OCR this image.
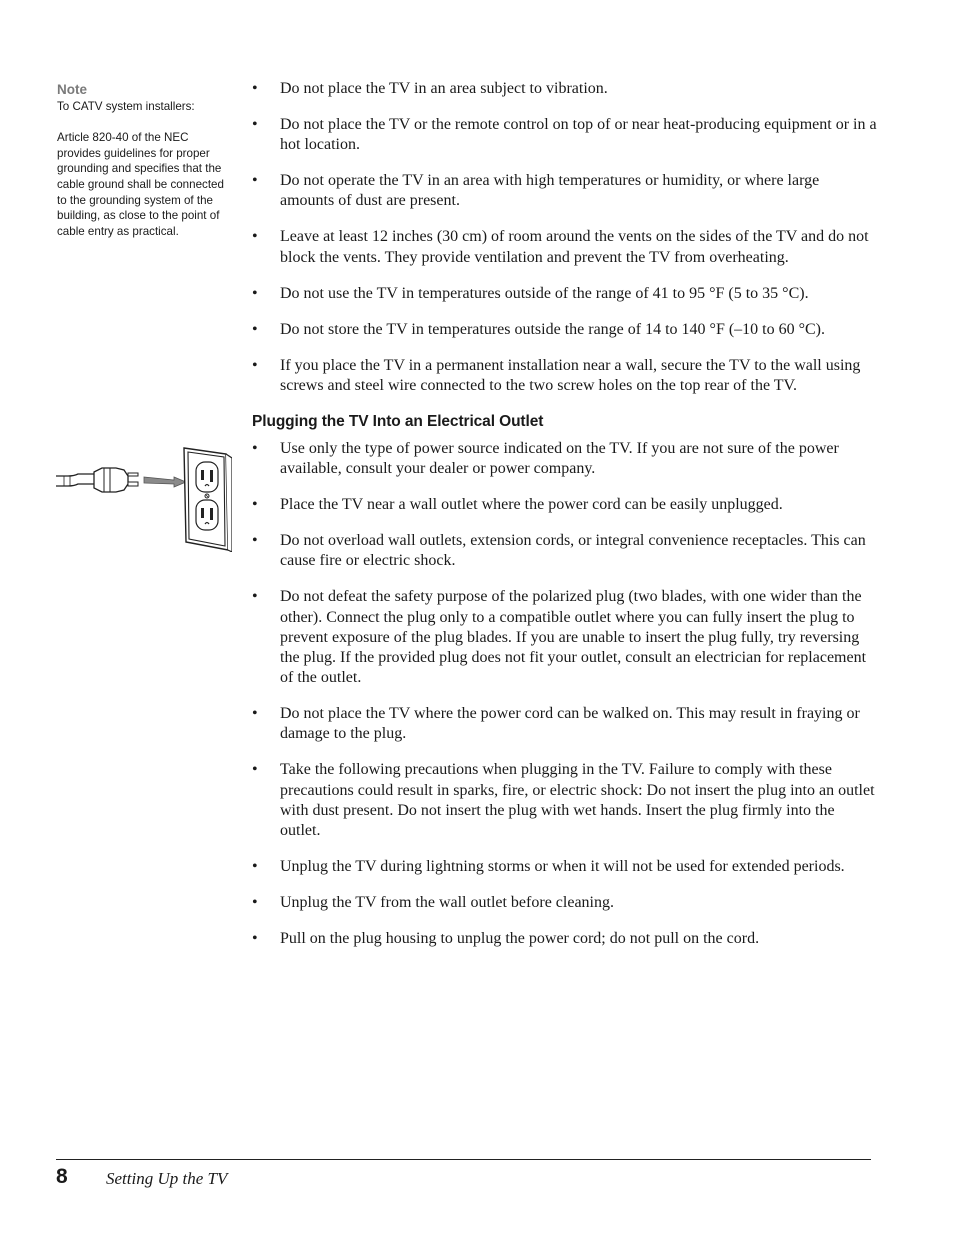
Note

To CATV system installers:

Article 820-40 of the NEC provides guidelines for proper grounding and specifies that the cable ground shall be connected to the grounding system of the building, as close to the point of cable entry as practical.

• Do not place the TV in an area subject to vibration.
• Do not place the TV or the remote control on top of or near heat-producing equipment or in a hot location.
• Do not operate the TV in an area with high temperatures or humidity, or where large amounts of dust are present.
• Leave at least 12 inches (30 cm) of room around the vents on the sides of the TV and do not block the vents. They provide ventilation and prevent the TV from overheating.
• Do not use the TV in temperatures outside of the range of 41 to 95 °F (5 to 35 °C).
• Do not store the TV in temperatures outside the range of 14 to 140 °F (–10 to 60 °C).
• If you place the TV in a permanent installation near a wall, secure the TV to the wall using screws and steel wire connected to the two screw holes on the top rear of the TV.
Plugging the TV Into an Electrical Outlet
• Use only the type of power source indicated on the TV. If you are not sure of the power available, consult your dealer or power company.
• Place the TV near a wall outlet where the power cord can be easily unplugged.
• Do not overload wall outlets, extension cords, or integral convenience receptacles. This can cause fire or electric shock.
• Do not defeat the safety purpose of the polarized plug (two blades, with one wider than the other). Connect the plug only to a compatible outlet where you can fully insert the plug to prevent exposure of the plug blades. If you are unable to insert the plug fully, try reversing the plug. If the provided plug does not fit your outlet, consult an electrician for replacement of the outlet.
• Do not place the TV where the power cord can be walked on. This may result in fraying or damage to the plug.
• Take the following precautions when plugging in the TV. Failure to comply with these precautions could result in sparks, fire, or electric shock: Do not insert the plug into an outlet with dust present. Do not insert the plug with wet hands. Insert the plug firmly into the outlet.
• Unplug the TV during lightning storms or when it will not be used for extended periods.
• Unplug the TV from the wall outlet before cleaning.
• Pull on the plug housing to unplug the power cord; do not pull on the cord.
8 Setting Up the TV
